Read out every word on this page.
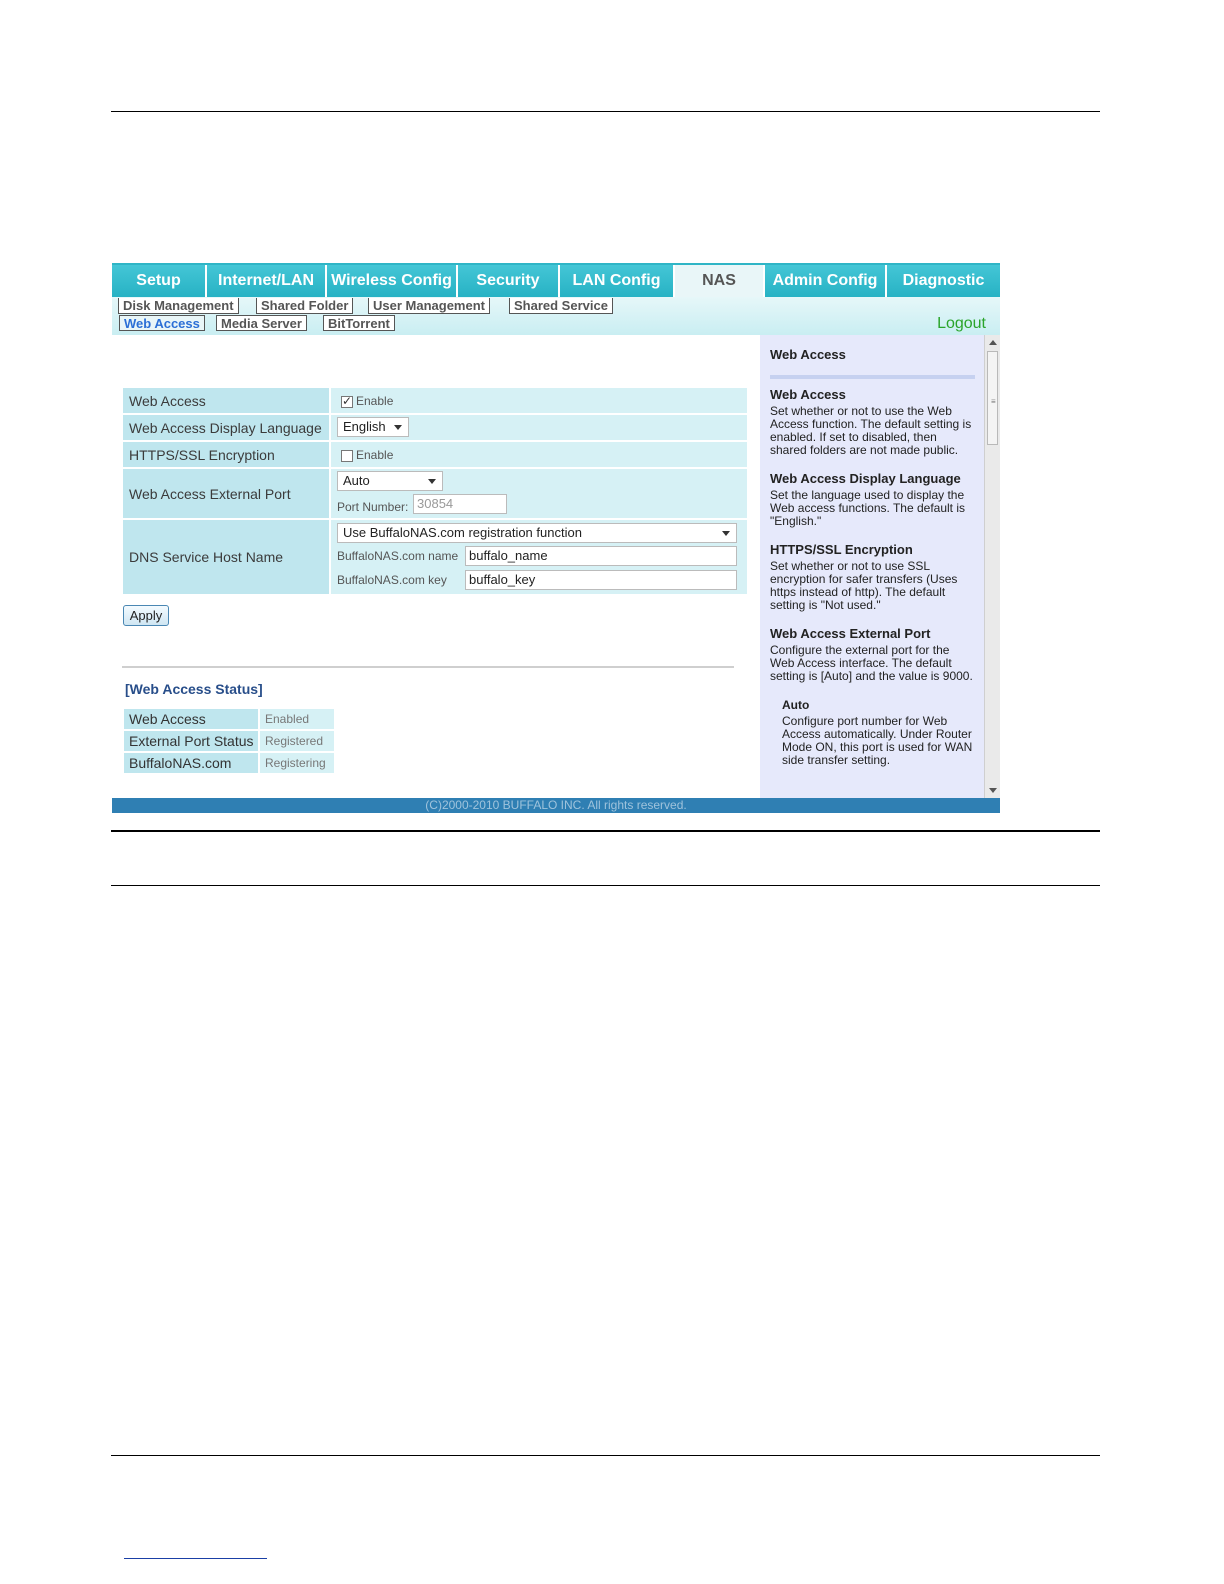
Setup	Internet/LAN	Wireless Config	Security	LAN Config	NAS	Admin Config	Diagnostic
Disk Management	Shared Folder	User Management	Shared Service
Web Access	Media Server	BitTorrent	Logout
Web Access
✓	Enable
Web Access Display Language	English
HTTPS/SSL Encryption	Enable
Web Access External Port
Auto
Port Number: 30854
DNS Service Host Name
Use BuffaloNAS.com registration function
BuffaloNAS.com name buffalo_name
BuffaloNAS.com key	buffalo_key
Apply
[Web Access Status]
Web Access	Enabled
External Port Status Registered
BuffaloNAS.com	Registering
Web Access
Web Access

Set whether or not to use the Web Access function. The default setting is enabled. If set to disabled, then shared folders are not made public.

Web Access Display Language

Set the language used to display the Web access functions. The default is "English."

HTTPS/SSL Encryption

Set whether or not to use SSL encryption for safer transfers (Uses https instead of http). The default setting is "Not used."

Web Access External Port

Configure the external port for the Web Access interface. The default setting is [Auto] and the value is 9000.

Auto

Configure port number for Web Access automatically. Under Router Mode ON, this port is used for WAN side transfer setting.

≡
(C)2000-2010 BUFFALO INC. All rights reserved.
